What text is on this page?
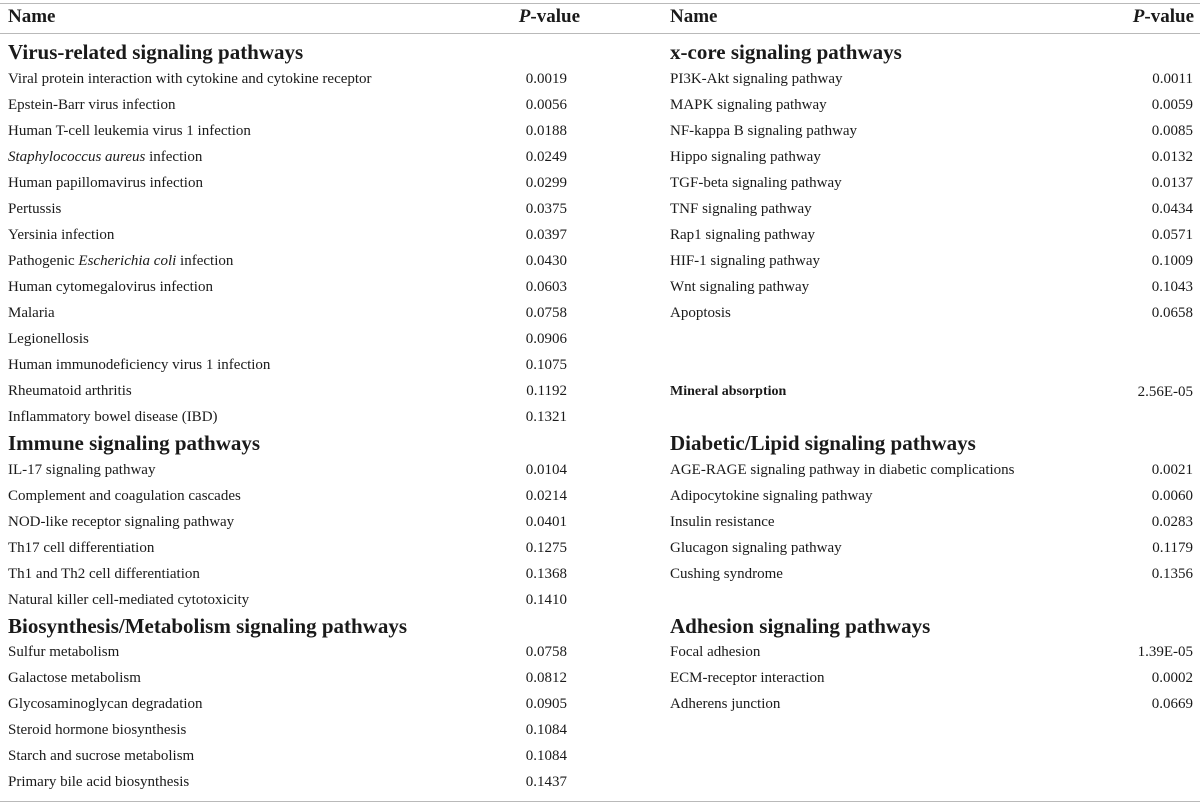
Name	P-value
Virus-related signaling pathways
Viral protein interaction with cytokine and cytokine receptor	0.0019
Epstein-Barr virus infection	0.0056
Human T-cell leukemia virus 1 infection	0.0188
Staphylococcus aureus infection	0.0249
Human papillomavirus infection	0.0299
Pertussis	0.0375
Yersinia infection	0.0397
Pathogenic Escherichia coli infection	0.0430
Human cytomegalovirus infection	0.0603
Malaria	0.0758
Legionellosis	0.0906
Human immunodeficiency virus 1 infection	0.1075
Rheumatoid arthritis	0.1192
Inflammatory bowel disease (IBD)	0.1321
Immune signaling pathways
IL-17 signaling pathway	0.0104
Complement and coagulation cascades	0.0214
NOD-like receptor signaling pathway	0.0401
Th17 cell differentiation	0.1275
Th1 and Th2 cell differentiation	0.1368
Natural killer cell-mediated cytotoxicity	0.1410
Biosynthesis/Metabolism signaling pathways
Sulfur metabolism	0.0758
Galactose metabolism	0.0812
Glycosaminoglycan degradation	0.0905
Steroid hormone biosynthesis	0.1084
Starch and sucrose metabolism	0.1084
Primary bile acid biosynthesis	0.1437
Name	P-value
x-core signaling pathways
PI3K-Akt signaling pathway	0.0011
MAPK signaling pathway	0.0059
NF-kappa B signaling pathway	0.0085
Hippo signaling pathway	0.0132
TGF-beta signaling pathway	0.0137
TNF signaling pathway	0.0434
Rap1 signaling pathway	0.0571
HIF-1 signaling pathway	0.1009
Wnt signaling pathway	0.1043
Apoptosis	0.0658
Mineral absorption	2.56E-05
Diabetic/Lipid signaling pathways
AGE-RAGE signaling pathway in diabetic complications	0.0021
Adipocytokine signaling pathway	0.0060
Insulin resistance	0.0283
Glucagon signaling pathway	0.1179
Cushing syndrome	0.1356
Adhesion signaling pathways
Focal adhesion	1.39E-05
ECM-receptor interaction	0.0002
Adherens junction	0.0669
